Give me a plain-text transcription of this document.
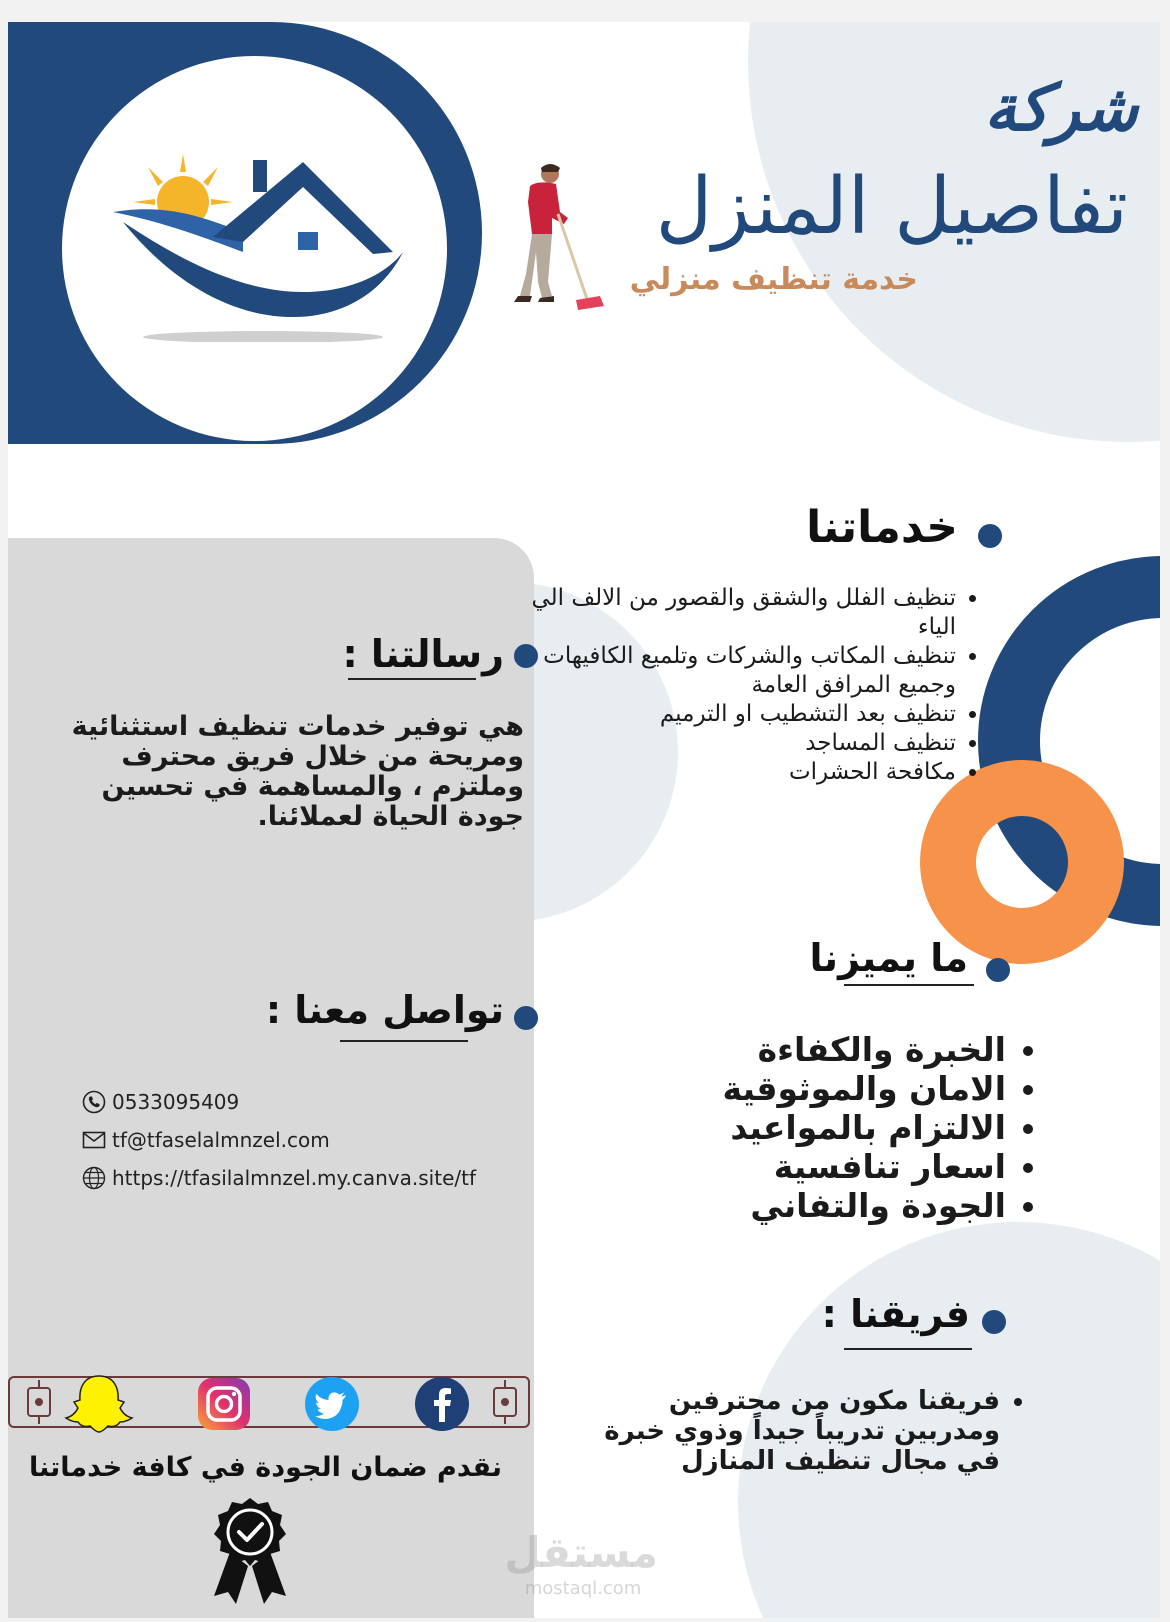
شركة
تفاصيل المنزل
خدمة تنظيف منزلي
خدماتنا
• تنظيف الفلل والشقق والقصور من الالف الي الياء
• تنظيف المكاتب والشركات وتلميع الكافيهات وجميع المرافق العامة
• تنظيف بعد التشطيب او الترميم
• تنظيف المساجد
• مكافحة الحشرات
رسالتنا :
هي توفير خدمات تنظيف استثنائية ومريحة من خلال فريق محترف وملتزم ، والمساهمة في تحسين جودة الحياة لعملائنا.
ما يميزنا
• الخبرة والكفاءة
• الامان والموثوقية
• الالتزام بالمواعيد
• اسعار تنافسية
• الجودة والتفاني
تواصل معنا :
0533095409
tf@tfaselalmnzel.com
https://tfasilalmnzel.my.canva.site/tf
نقدم ضمان الجودة في كافة خدماتنا
فريقنا :
• فريقنا مكون من محترفين ومدربين تدريباً جيداً وذوي خبرة في مجال تنظيف المنازل
مستقل
mostaql.com
